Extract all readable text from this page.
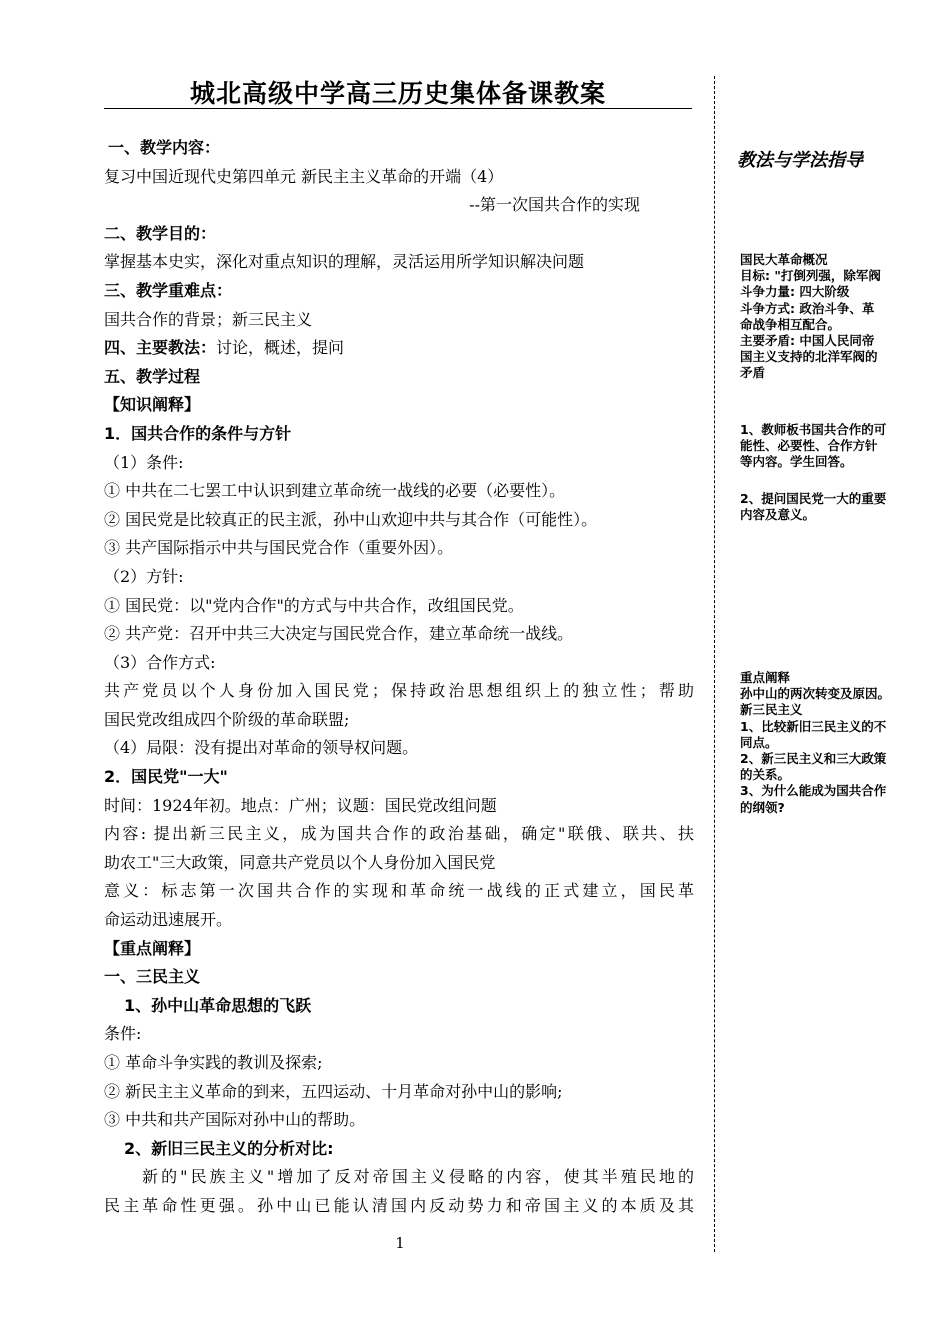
城北高级中学高三历史集体备课教案
一、教学内容：
复习中国近现代史第四单元 新民主主义革命的开端（4）
--第一次国共合作的实现
二、教学目的：
掌握基本史实，深化对重点知识的理解，灵活运用所学知识解决问题
三、教学重难点：
国共合作的背景；新三民主义
四、主要教法：讨论，概述，提问
五、教学过程
【知识阐释】
1．国共合作的条件与方针
（1）条件:
① 中共在二七罢工中认识到建立革命统一战线的必要（必要性）。
② 国民党是比较真正的民主派，孙中山欢迎中共与其合作（可能性）。
③ 共产国际指示中共与国民党合作（重要外因）。
（2）方针:
① 国民党：以"党内合作"的方式与中共合作，改组国民党。
② 共产党：召开中共三大决定与国民党合作，建立革命统一战线。
（3）合作方式:
共产党员以个人身份加入国民党；保持政治思想组织上的独立性；帮助
国民党改组成四个阶级的革命联盟;
（4）局限：没有提出对革命的领导权问题。
2．国民党"一大"
时间：1924年初。地点：广州；议题：国民党改组问题
内容: 提出新三民主义，成为国共合作的政治基础，确定"联俄、联共、扶
助农工"三大政策，同意共产党员以个人身份加入国民党
意义：标志第一次国共合作的实现和革命统一战线的正式建立，国民革
命运动迅速展开。
【重点阐释】
一、三民主义
1、孙中山革命思想的飞跃
条件:
① 革命斗争实践的教训及探索;
② 新民主主义革命的到来，五四运动、十月革命对孙中山的影响;
③ 中共和共产国际对孙中山的帮助。
2、新旧三民主义的分析对比:
新的"民族主义"增加了反对帝国主义侵略的内容，使其半殖民地的
民主革命性更强。孙中山已能认清国内反动势力和帝国主义的本质及其
教法与学法指导
国民大革命概况
目标: "打倒列强，除军阀
斗争力量: 四大阶级
斗争方式: 政治斗争、革
命战争相互配合。
主要矛盾: 中国人民同帝
国主义支持的北洋军阀的
矛盾
1、教师板书国共合作的可
能性、必要性、合作方针
等内容。学生回答。
2、提问国民党一大的重要
内容及意义。
重点阐释
孙中山的两次转变及原因。
新三民主义
1、比较新旧三民主义的不
同点。
2、新三民主义和三大政策
的关系。
3、为什么能成为国共合作
的纲领?
1
